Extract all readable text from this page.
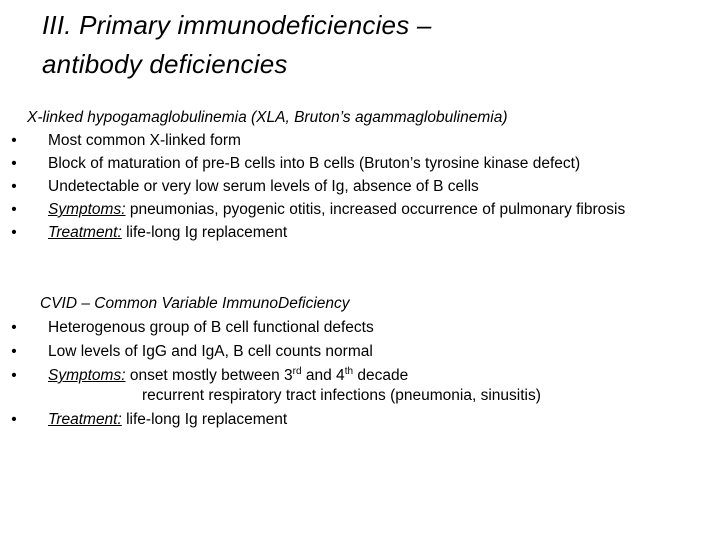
III. Primary immunodeficiencies –
antibody deficiencies
X-linked hypogamaglobulinemia (XLA, Bruton’s agammaglobulinemia)
•	Most common X-linked form
•	Block of maturation of pre-B cells into B cells (Bruton’s tyrosine kinase defect)
•	Undetectable or very low serum levels of Ig, absence of B cells
•	Symptoms: pneumonias, pyogenic otitis, increased occurrence of pulmonary fibrosis
•	Treatment: life-long Ig replacement
CVID – Common Variable ImmunoDeficiency
•	Heterogenous group of B cell functional defects
•	Low levels of IgG and IgA, B cell counts normal
•	Symptoms: onset mostly between 3rd and 4th decade
recurrent respiratory tract infections (pneumonia, sinusitis)
•	Treatment: life-long Ig replacement
